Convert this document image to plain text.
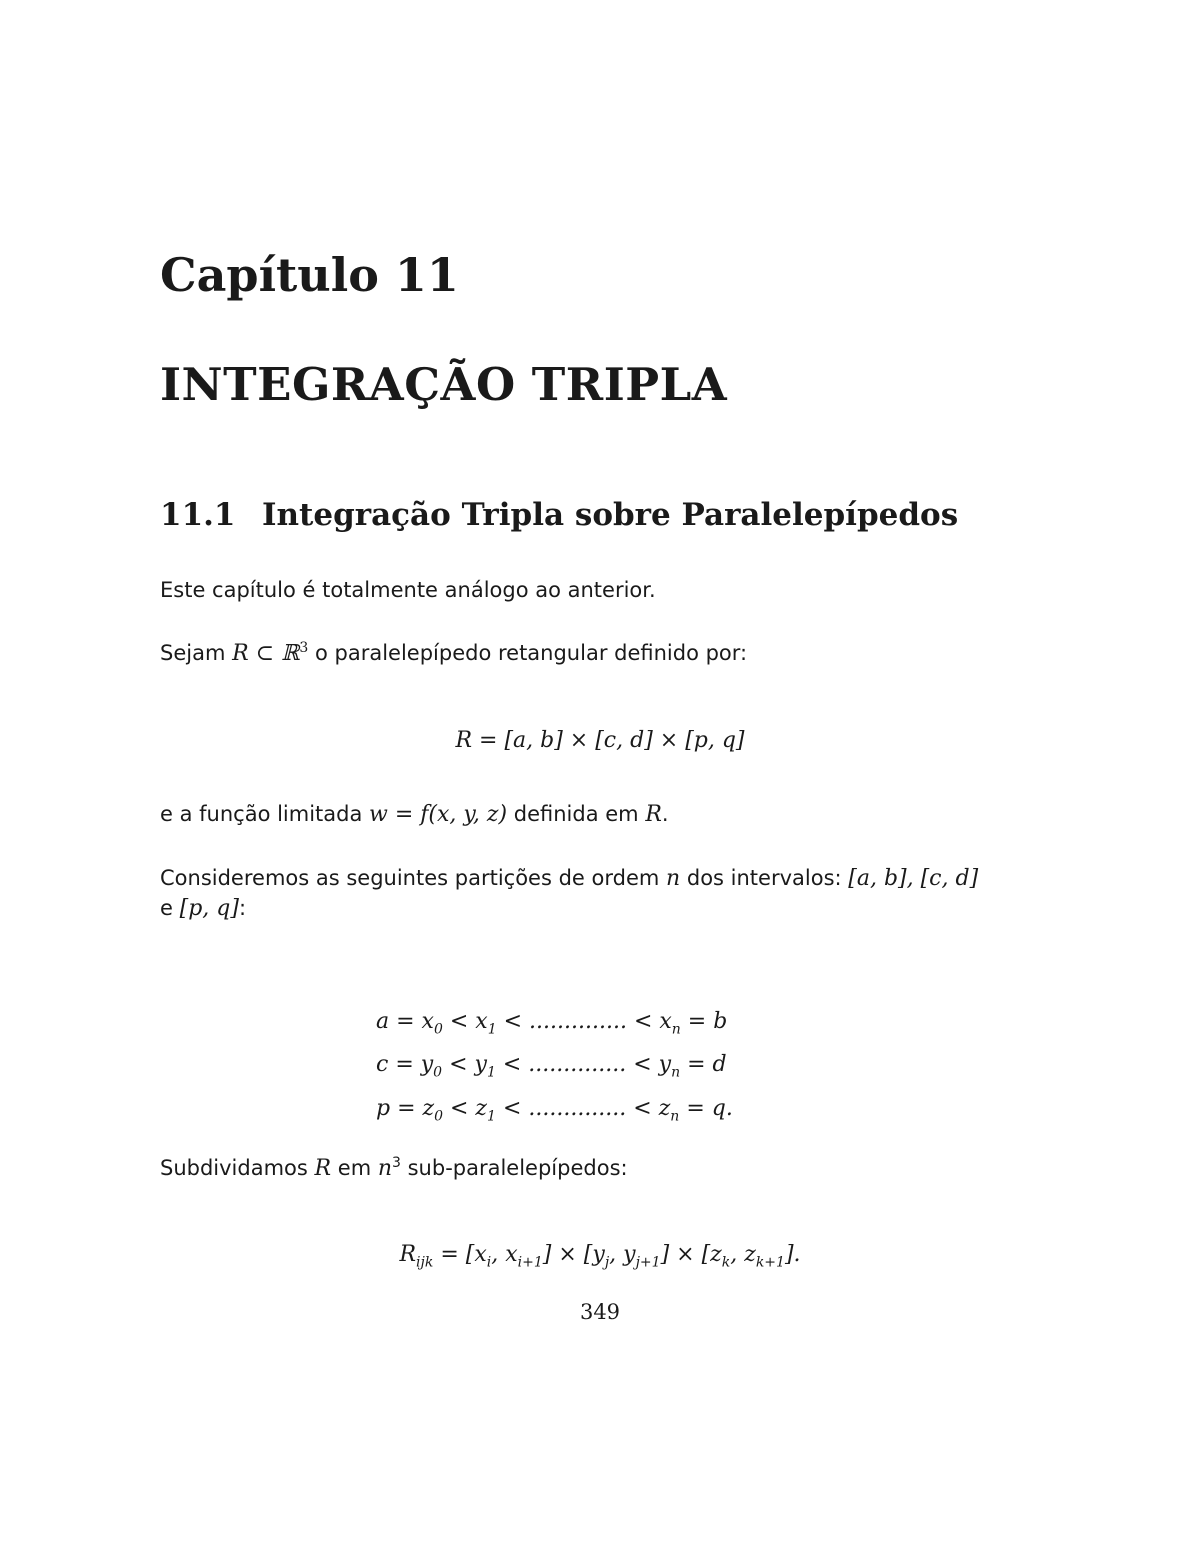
Capítulo 11
INTEGRAÇÃO TRIPLA
11.1 Integração Tripla sobre Paralelepípedos
Este capítulo é totalmente análogo ao anterior.
Sejam R ⊂ ℝ$^3$ o paralelepípedo retangular definido por:
R = [a, b] × [c, d] × [p, q]
e a função limitada w = f(x, y, z) definida em R.
Consideremos as seguintes partições de ordem n dos intervalos: [a, b], [c, d]
e [p, q]:
$a = x_0 < x_1$ < .............. < $x_n = b$
$c = y_0 < y_1$ < .............. < $y_n = d$
$p = z_0 < z_1$ < .............. < $z_n = q$.
Subdividamos R em $n^3$ sub-paralelepípedos:
$R_{ijk} = [x_i$, $x_{i+1}] \times [y_j$, $y_{j+1}] \times [z_k$, $z_{k+1}$].
349
